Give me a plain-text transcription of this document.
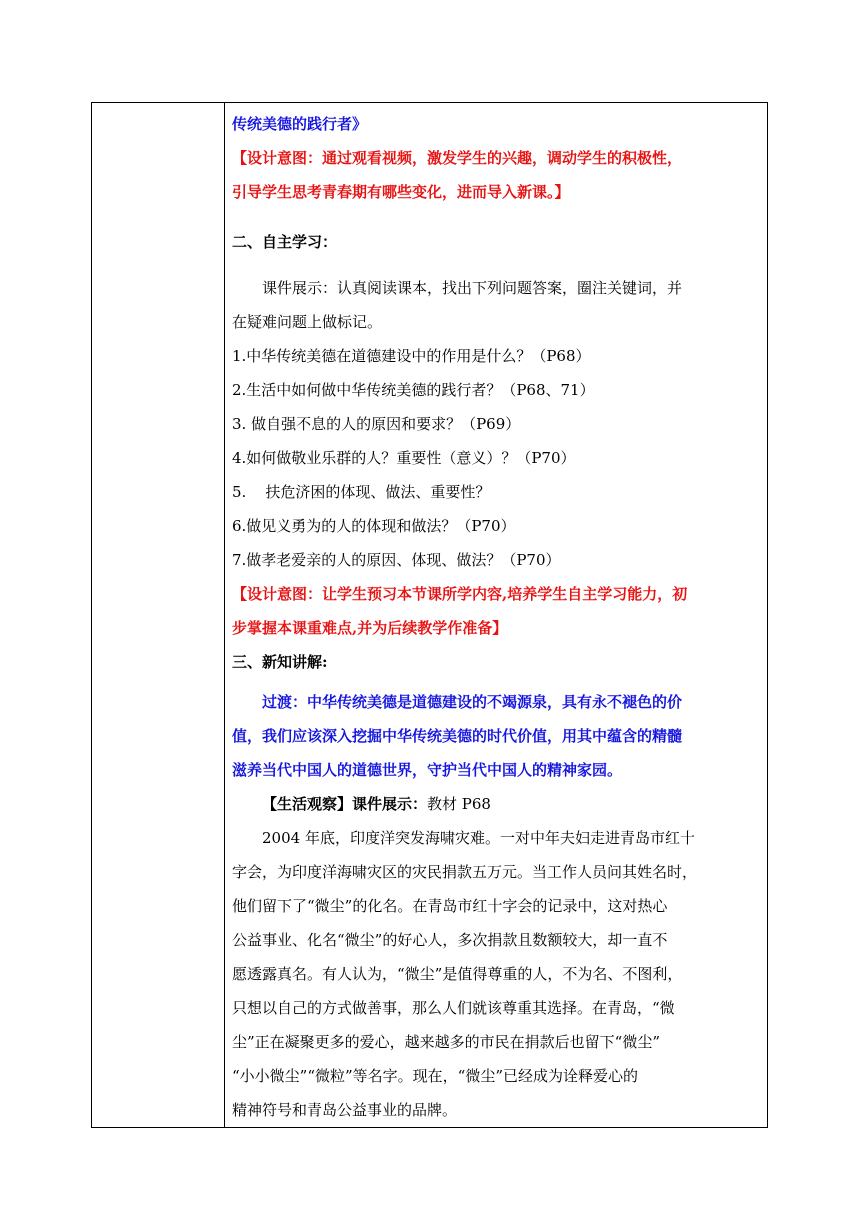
传统美德的践行者》
【设计意图：通过观看视频，激发学生的兴趣，调动学生的积极性，
引导学生思考青春期有哪些变化，进而导入新课。】
二、自主学习：
课件展示：认真阅读课本，找出下列问题答案，圈注关键词，并
在疑难问题上做标记。
1.中华传统美德在道德建设中的作用是什么？（P68）
2.生活中如何做中华传统美德的践行者？（P68、71）
3. 做自强不息的人的原因和要求？（P69）
4.如何做敬业乐群的人？重要性（意义）？（P70）
5.    扶危济困的体现、做法、重要性？
6.做见义勇为的人的体现和做法？（P70）
7.做孝老爱亲的人的原因、体现、做法？（P70）
【设计意图：让学生预习本节课所学内容,培养学生自主学习能力，初
步掌握本课重难点,并为后续教学作准备】
三、新知讲解:
过渡：中华传统美德是道德建设的不竭源泉，具有永不褪色的价
值，我们应该深入挖掘中华传统美德的时代价值，用其中蕴含的精髓
滋养当代中国人的道德世界，守护当代中国人的精神家园。
【生活观察】课件展示：教材 P68
2004 年底，印度洋突发海啸灾难。一对中年夫妇走进青岛市红十
字会，为印度洋海啸灾区的灾民捐款五万元。当工作人员问其姓名时，
他们留下了“微尘”的化名。在青岛市红十字会的记录中，这对热心
公益事业、化名“微尘”的好心人，多次捐款且数额较大，却一直不
愿透露真名。有人认为，“微尘”是值得尊重的人，不为名、不图利，
只想以自己的方式做善事，那么人们就该尊重其选择。在青岛，“微
尘”正在凝聚更多的爱心，越来越多的市民在捐款后也留下“微尘”
“小小微尘”“微粒”等名字。现在，“微尘”已经成为诠释爱心的
精神符号和青岛公益事业的品牌。
